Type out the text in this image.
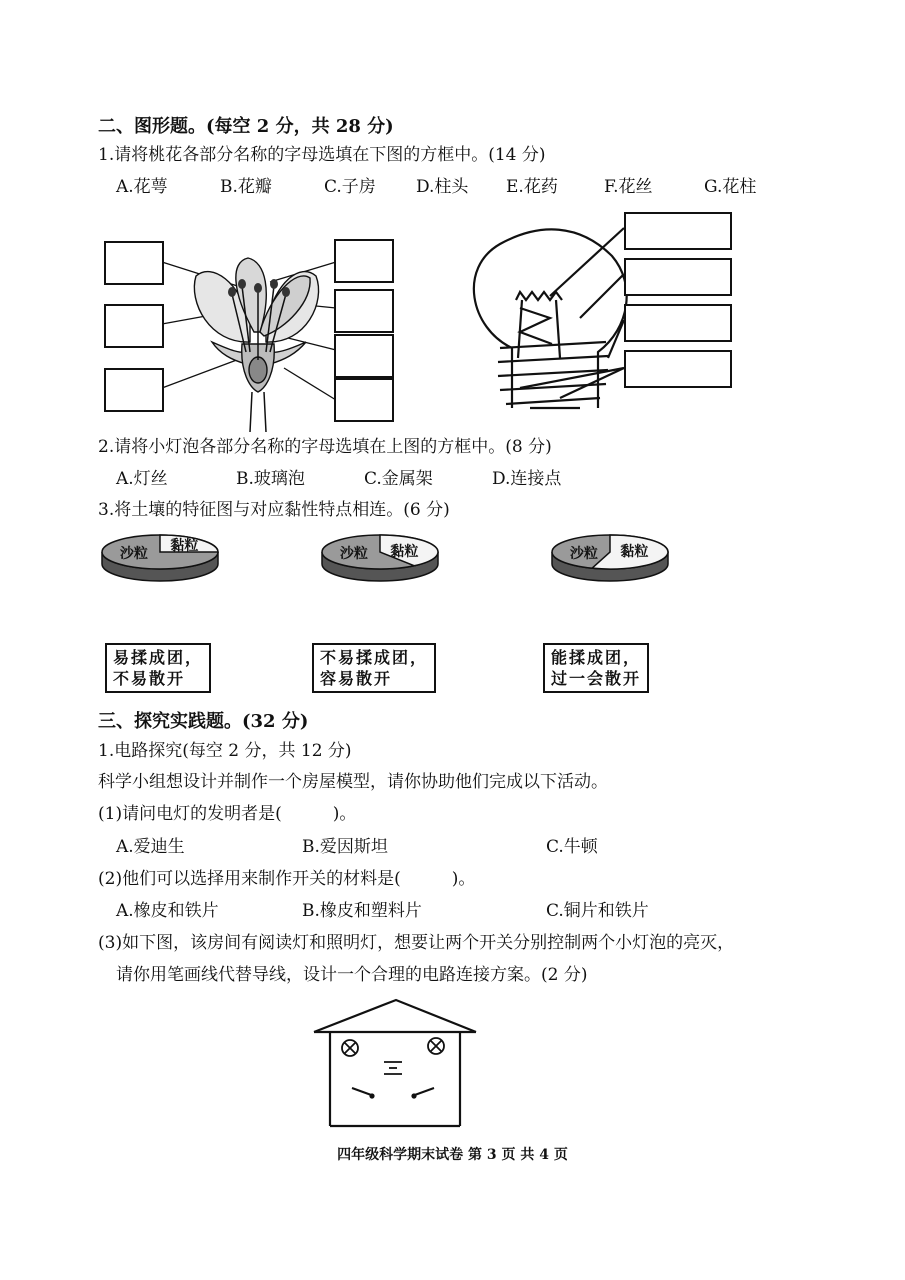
二、图形题。(每空 2 分，共 28 分)
1.请将桃花各部分名称的字母选填在下图的方框中。(14 分)
A.花萼	B.花瓣	C.子房 D.柱头 E.花药	F.花丝	G.花柱
2.请将小灯泡各部分名称的字母选填在上图的方框中。(8 分)
A.灯丝	B.玻璃泡	C.金属架	D.连接点
3.将土壤的特征图与对应黏性特点相连。(6 分)
沙粒 黏粒	沙粒 黏粒	沙粒 黏粒
易揉成团，
不易散开
不易揉成团，
容易散开
能揉成团，
过一会散开
三、探究实践题。(32 分)
1.电路探究(每空 2 分，共 12 分)
科学小组想设计并制作一个房屋模型，请你协助他们完成以下活动。
(1)请问电灯的发明者是(　　　)。
A.爱迪生	B.爱因斯坦	C.牛顿
(2)他们可以选择用来制作开关的材料是(　　　)。
A.橡皮和铁片	B.橡皮和塑料片	C.铜片和铁片
(3)如下图，该房间有阅读灯和照明灯，想要让两个开关分别控制两个小灯泡的亮灭，
请你用笔画线代替导线，设计一个合理的电路连接方案。(2 分)
四年级科学期末试卷 第 3 页 共 4 页
